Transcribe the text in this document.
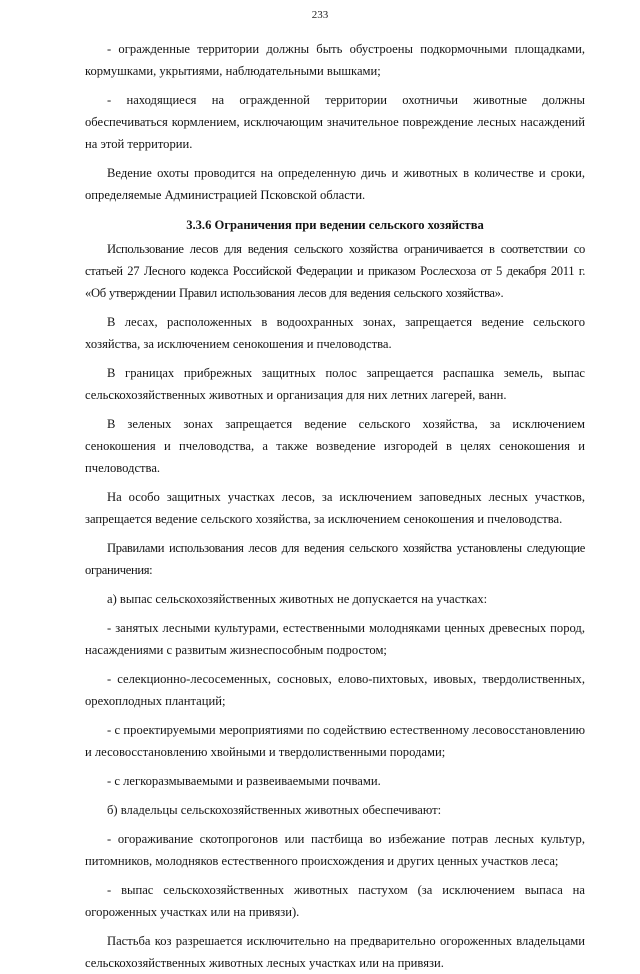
233

- огражденные территории должны быть обустроены подкормочными площадками, кормушками, укрытиями, наблюдательными вышками;

- находящиеся на огражденной территории охотничьи животные должны обеспечиваться кормлением, исключающим значительное повреждение лесных насаждений на этой территории.

Ведение охоты проводится на определенную дичь и животных в количестве и сроки, определяемые Администрацией Псковской области.

3.3.6 Ограничения при ведении сельского хозяйства

Использование лесов для ведения сельского хозяйства ограничивается в соответствии со статьей 27 Лесного кодекса Российской Федерации и приказом Рослесхоза от 5 декабря 2011 г. «Об утверждении Правил использования лесов для ведения сельского хозяйства».

В лесах, расположенных в водоохранных зонах, запрещается ведение сельского хозяйства, за исключением сенокошения и пчеловодства.

В границах прибрежных защитных полос запрещается распашка земель, выпас сельскохозяйственных животных и организация для них летних лагерей, ванн.

В зеленых зонах запрещается ведение сельского хозяйства, за исключением сенокошения и пчеловодства, а также возведение изгородей в целях сенокошения и пчеловодства.

На особо защитных участках лесов, за исключением заповедных лесных участков, запрещается ведение сельского хозяйства, за исключением сенокошения и пчеловодства.

Правилами использования лесов для ведения сельского хозяйства установлены следующие ограничения:

а) выпас сельскохозяйственных животных не допускается на участках:

- занятых лесными культурами, естественными молодняками ценных древесных пород, насаждениями с развитым жизнеспособным подростом;

- селекционно-лесосеменных, сосновых, елово-пихтовых, ивовых, твердолиственных, орехоплодных плантаций;

- с проектируемыми мероприятиями по содействию естественному лесовосстановлению и лесовосстановлению хвойными и твердолиственными породами;

- с легкоразмываемыми и развеиваемыми почвами.

б) владельцы сельскохозяйственных животных обеспечивают:

- огораживание скотопрогонов или пастбища во избежание потрав лесных культур, питомников, молодняков естественного происхождения и других ценных участков леса;

- выпас сельскохозяйственных животных пастухом (за исключением выпаса на огороженных участках или на привязи).

Пастьба коз разрешается исключительно на предварительно огороженных владельцами сельскохозяйственных животных лесных участках или на привязи.
